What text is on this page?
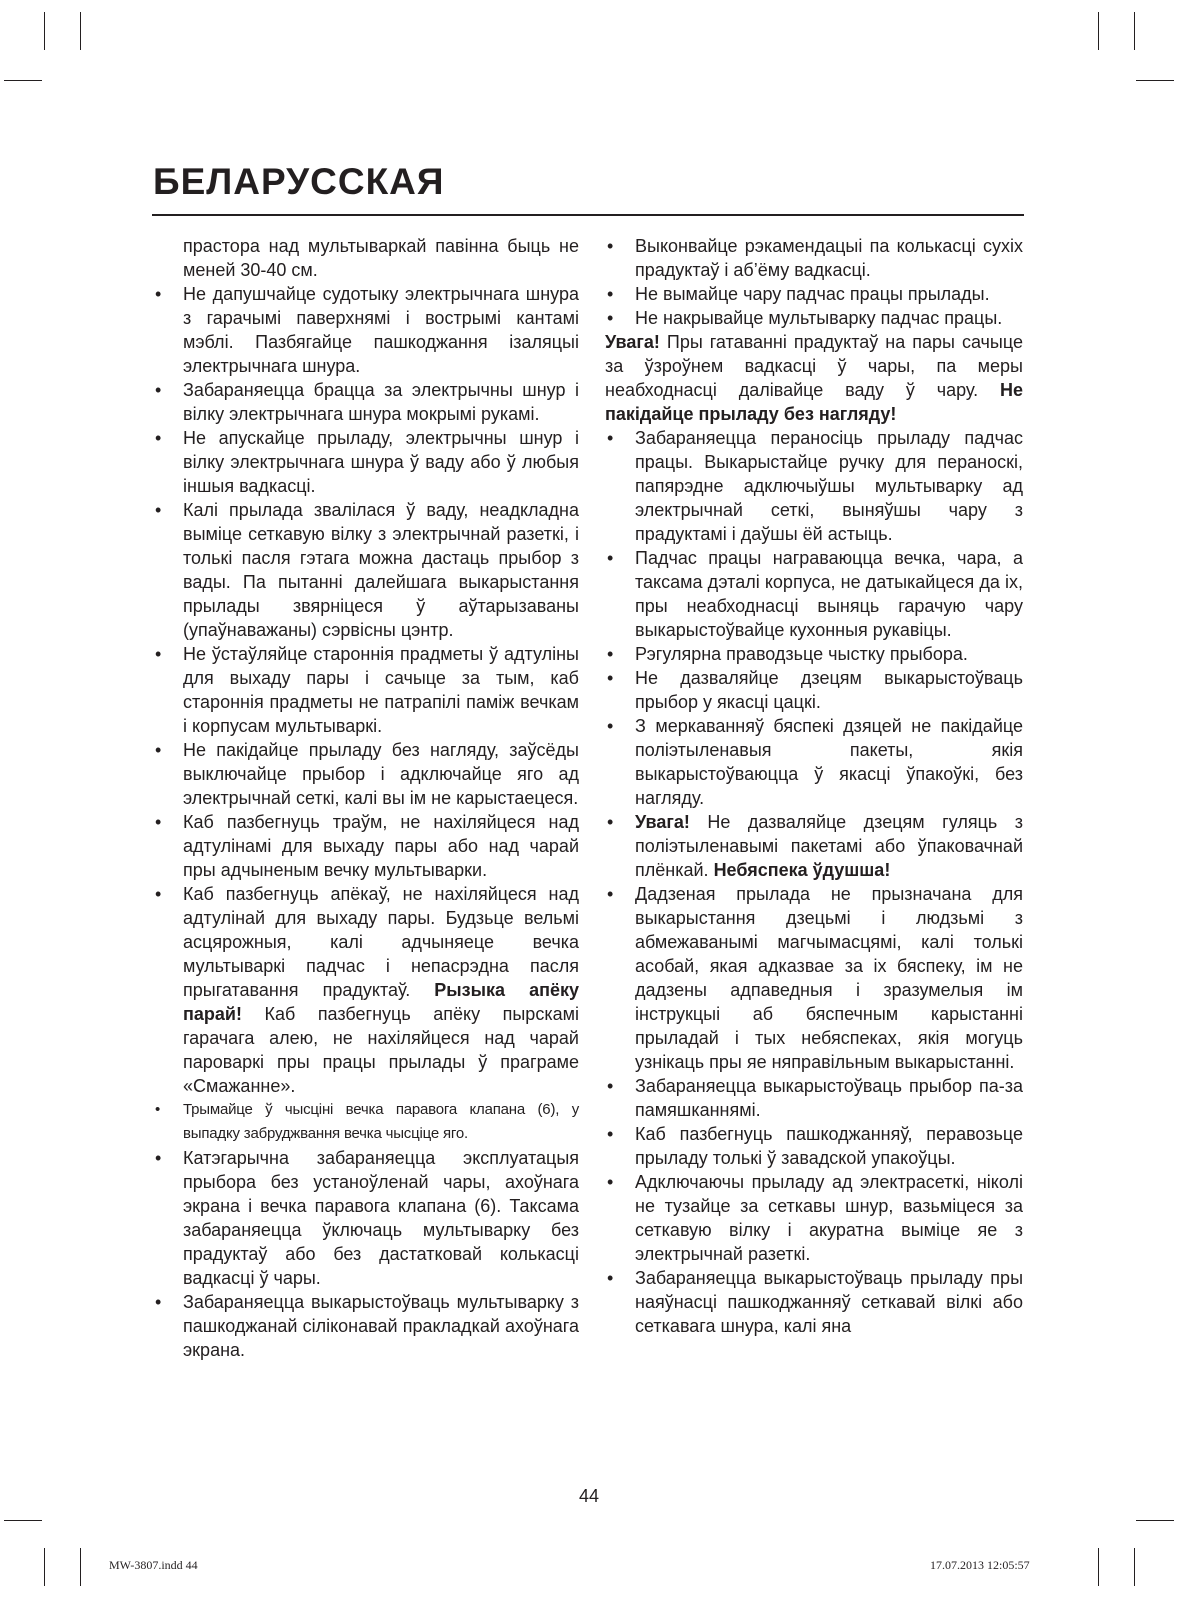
БЕЛАРУССКАЯ

прастора над мультываркай павінна быць не меней 30-40 см.

• Не дапушчайце судотыку электрычнага шнура з гарачымі паверхнямі і вострымі кантамі мэблі. Пазбягайце пашкоджання ізаляцыі электрычнага шнура.
• Забараняецца брацца за электрычны шнур і вілку электрычнага шнура мокрымі рукамі.
• Не апускайце прыладу, электрычны шнур і вілку электрычнага шнура ў ваду або ў любыя іншыя вадкасці.
• Калі прылада звалілася ў ваду, неадкладна выміце сеткавую вілку з электрычнай разеткі, і толькі пасля гэтага можна дастаць прыбор з вады. Па пытанні далейшага выкарыстання прылады звярніцеся ў аўтарызаваны (упаўнаважаны) сэрвісны цэнтр.
• Не ўстаўляйце староннія прадметы ў адтуліны для выхаду пары і сачыце за тым, каб староннія прадметы не патрапілі паміж вечкам і корпусам мультываркі.
• Не пакідайце прыладу без нагляду, заўсёды выключайце прыбор і адключайце яго ад электрычнай сеткі, калі вы ім не карыстаецеся.
• Каб пазбегнуць траўм, не нахіляйцеся над адтулінамі для выхаду пары або над чарай пры адчыненым вечку мультыварки.
• Каб пазбегнуць апёкаў, не нахіляйцеся над адтулінай для выхаду пары. Будзьце вельмі асцярожныя, калі адчыняеце вечка мультываркі падчас і непасрэдна пасля прыгатавання прадуктаў. Рызыка апёку парай! Каб пазбегнуць апёку пырскамі гарачага алею, не нахіляйцеся над чарай пароваркі пры працы прылады ў праграме «Смажанне».
• Трымайце ў чысціні вечка паравога клапана (6), у выпадку забруджвання вечка чысціце яго.
• Катэгарычна забараняецца эксплуатацыя прыбора без устаноўленай чары, ахоўнага экрана і вечка паравога клапана (6). Таксама забараняецца ўключаць мультыварку без прадуктаў або без дастатковай колькасці вадкасці ў чары.
• Забараняецца выкарыстоўваць мультыварку з пашкоджанай сіліконавай пракладкай ахоўнага экрана.
• Выконвайце рэкамендацыі па колькасці сухіх прадуктаў і аб’ёму вадкасці.
• Не вымайце чару падчас працы прылады.
• Не накрывайце мультыварку падчас працы.

Увага! Пры гатаванні прадуктаў на пары сачыце за ўзроўнем вадкасці ў чары, па меры неабходнасці далівайце ваду ў чару. Не пакідайце прыладу без нагляду!

• Забараняецца пераносіць прыладу падчас працы. Выкарыстайце ручку для пераноскі, папярэдне адключыўшы мультыварку ад электрычнай сеткі, выняўшы чару з прадуктамі і даўшы ёй астыць.
• Падчас працы награваюцца вечка, чара, а таксама дэталі корпуса, не датыкайцеся да іх, пры неабходнасці выняць гарачую чару выкарыстоўвайце кухонныя рукавіцы.
• Рэгулярна праводзьце чыстку прыбора.
• Не дазваляйце дзецям выкарыстоўваць прыбор у якасці цацкі.
• З меркаванняў бяспекі дзяцей не пакідайце поліэтыленавыя пакеты, якія выкарыстоўваюцца ў якасці ўпакоўкі, без нагляду.
• Увага! Не дазваляйце дзецям гуляць з поліэтыленавымі пакетамі або ўпаковачнай плёнкай. Небяспека ўдушша!
• Дадзеная прылада не прызначана для выкарыстання дзецьмі і людзьмі з абмежаванымі магчымасцямі, калі толькі асобай, якая адказвае за іх бяспеку, ім не дадзены адпаведныя і зразумелыя ім інструкцыі аб бяспечным карыстанні прыладай і тых небяспеках, якія могуць узнікаць пры яе няправільным выкарыстанні.
• Забараняецца выкарыстоўваць прыбор па-за памяшканнямі.
• Каб пазбегнуць пашкоджанняў, перавозьце прыладу толькі ў завадской упакоўцы.
• Адключаючы прыладу ад электрасеткі, ніколі не тузайце за сеткавы шнур, вазьміцеся за сеткавую вілку і акуратна выміце яе з электрычнай разеткі.
• Забараняецца выкарыстоўваць прыладу пры наяўнасці пашкоджанняў сеткавай вілкі або сеткавага шнура, калі яна
44
MW-3807.indd 44	17.07.2013 12:05:57
